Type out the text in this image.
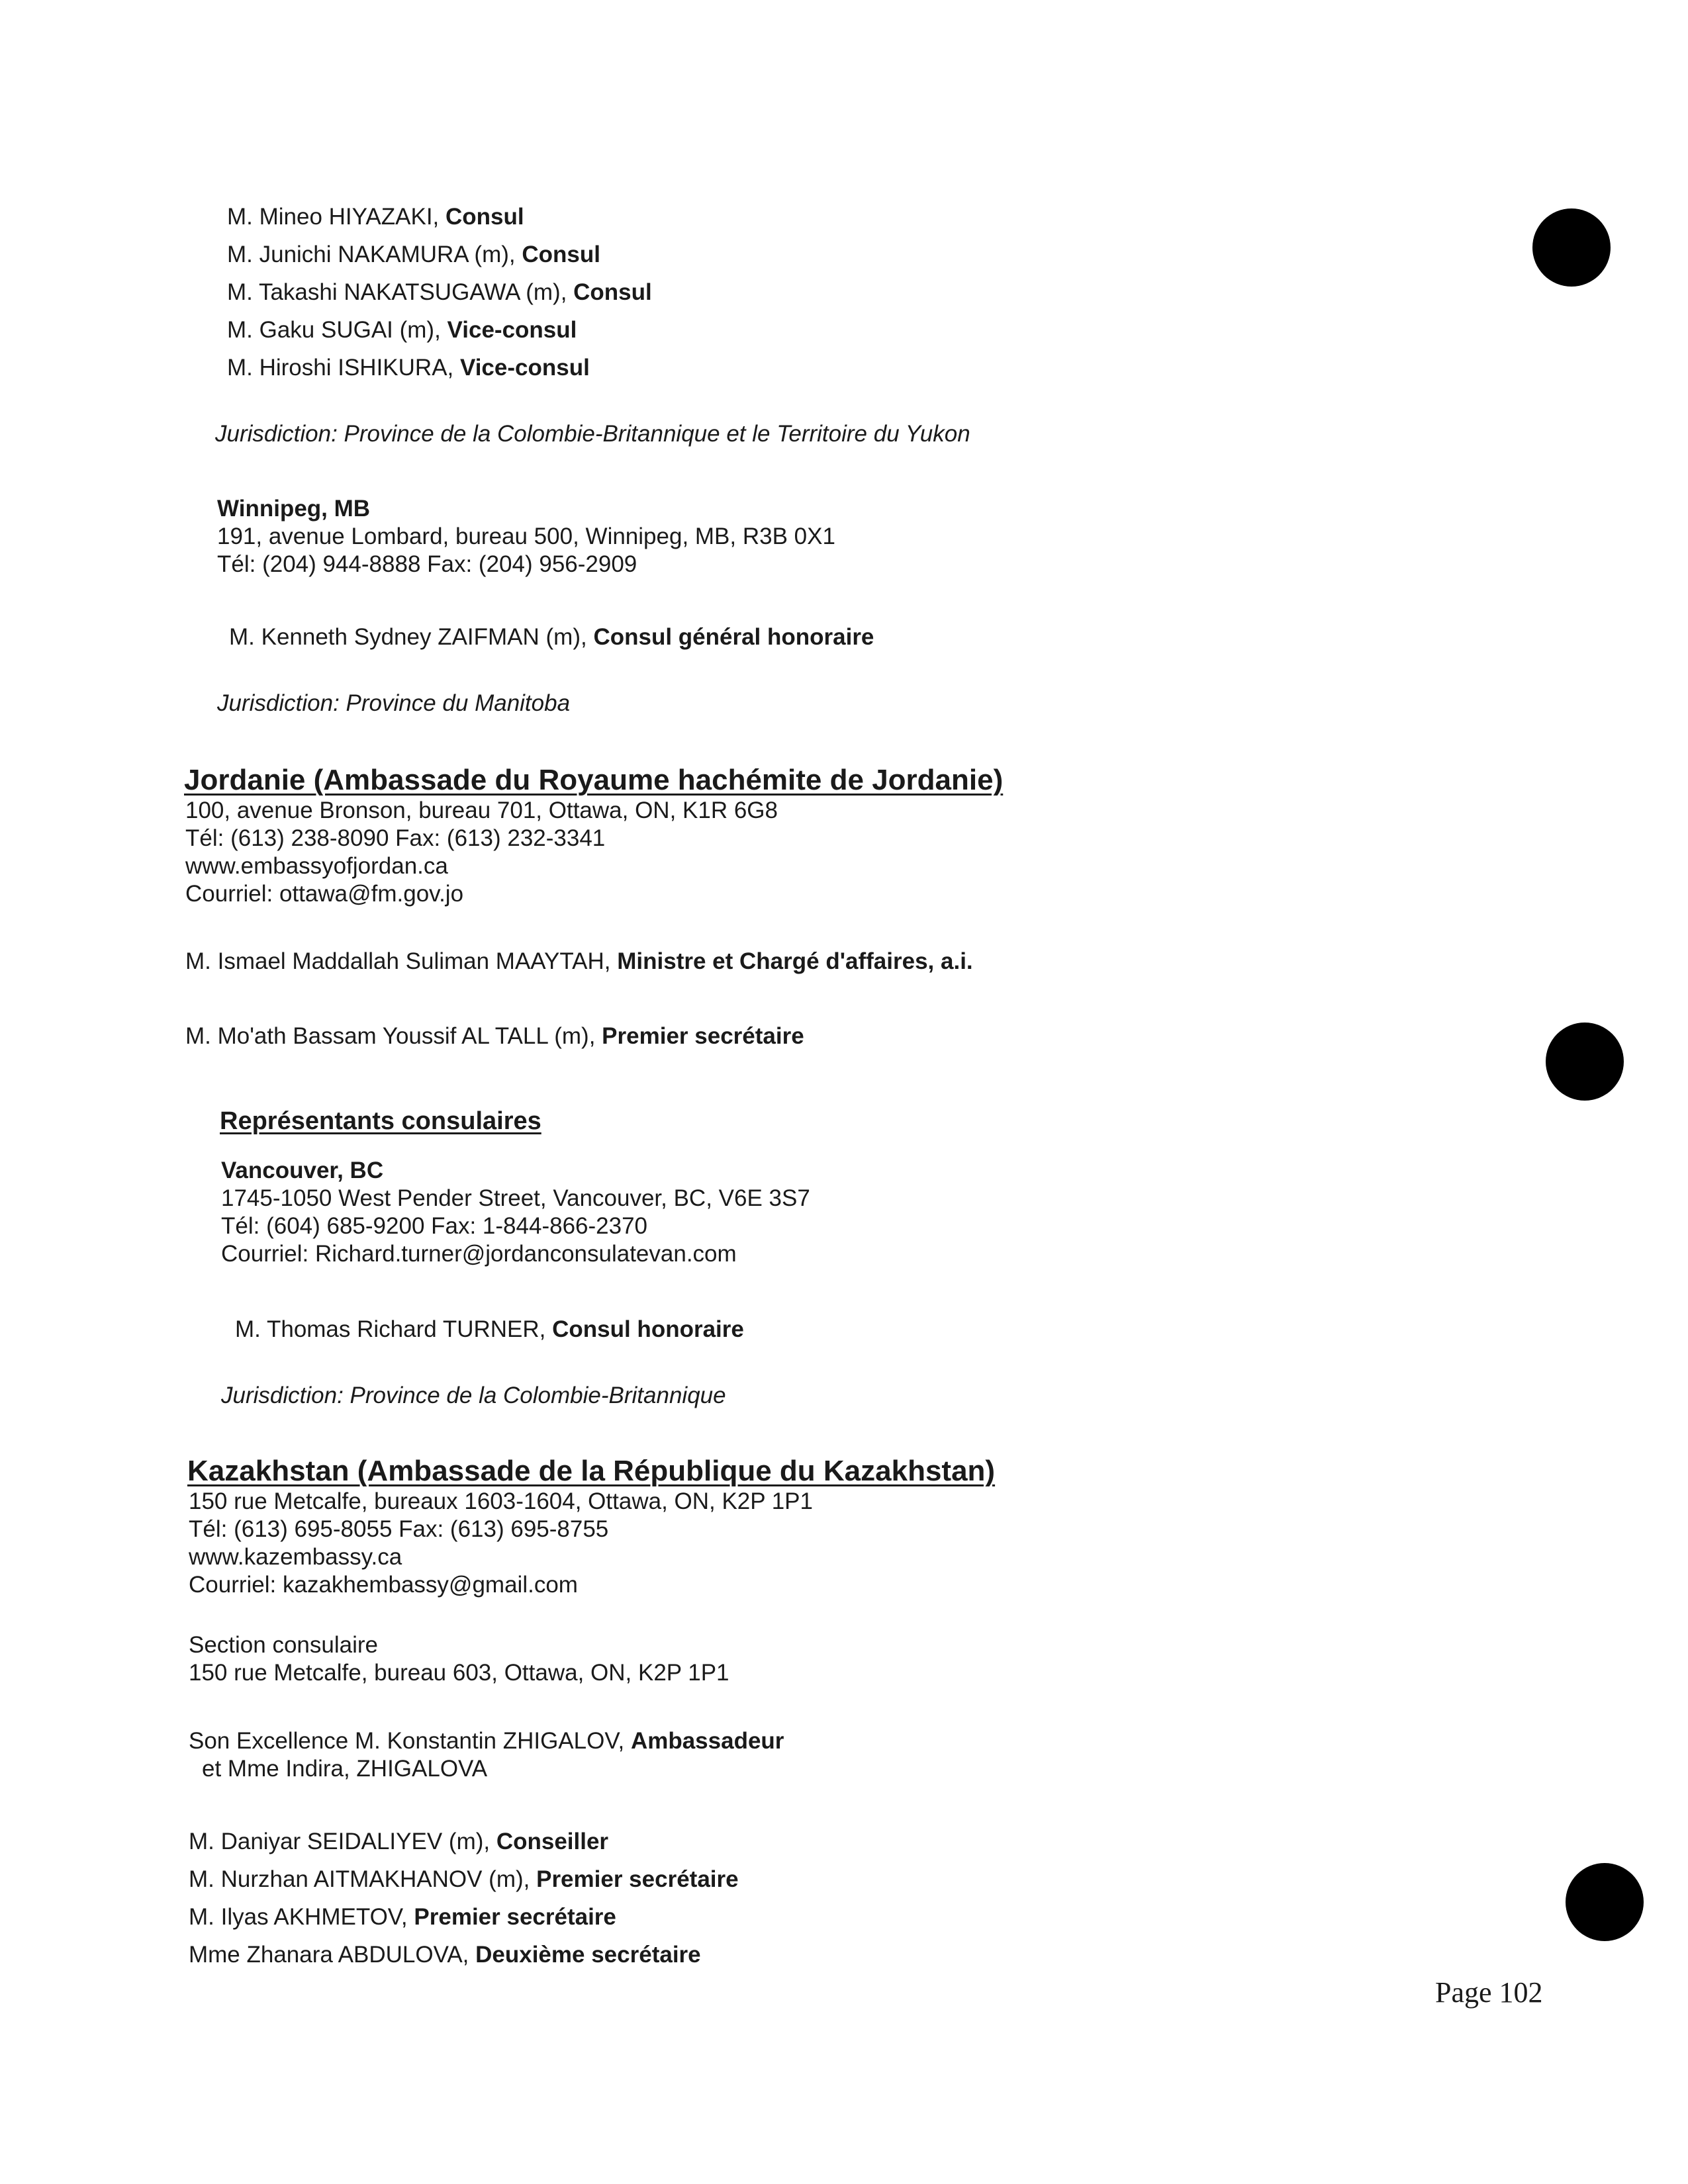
M. Mineo HIYAZAKI, Consul
M. Junichi NAKAMURA (m), Consul
M. Takashi NAKATSUGAWA (m), Consul
M. Gaku SUGAI (m), Vice-consul
M. Hiroshi ISHIKURA, Vice-consul
Jurisdiction: Province de la Colombie-Britannique et le Territoire du Yukon
Winnipeg, MB
191, avenue Lombard, bureau 500, Winnipeg, MB, R3B 0X1
Tél: (204) 944-8888 Fax: (204) 956-2909
M. Kenneth Sydney ZAIFMAN (m), Consul général honoraire
Jurisdiction: Province du Manitoba
Jordanie (Ambassade du Royaume hachémite de Jordanie)
100, avenue Bronson, bureau 701, Ottawa, ON, K1R 6G8
Tél: (613) 238-8090 Fax: (613) 232-3341
www.embassyofjordan.ca
Courriel: ottawa@fm.gov.jo
M. Ismael Maddallah Suliman MAAYTAH, Ministre et Chargé d'affaires, a.i.
M. Mo'ath Bassam Youssif AL TALL (m), Premier secrétaire
Représentants consulaires
Vancouver, BC
1745-1050 West Pender Street, Vancouver, BC, V6E 3S7
Tél: (604) 685-9200 Fax: 1-844-866-2370
Courriel: Richard.turner@jordanconsulatevan.com
M. Thomas Richard TURNER, Consul honoraire
Jurisdiction: Province de la Colombie-Britannique
Kazakhstan (Ambassade de la République du Kazakhstan)
150 rue Metcalfe, bureaux 1603-1604, Ottawa, ON, K2P 1P1
Tél: (613) 695-8055 Fax: (613) 695-8755
www.kazembassy.ca
Courriel: kazakhembassy@gmail.com
Section consulaire
150 rue Metcalfe, bureau 603, Ottawa, ON, K2P 1P1
Son Excellence M. Konstantin ZHIGALOV, Ambassadeur
et Mme Indira, ZHIGALOVA
M. Daniyar SEIDALIYEV (m), Conseiller
M. Nurzhan AITMAKHANOV (m), Premier secrétaire
M. Ilyas AKHMETOV, Premier secrétaire
Mme Zhanara ABDULOVA, Deuxième secrétaire
Page 102
